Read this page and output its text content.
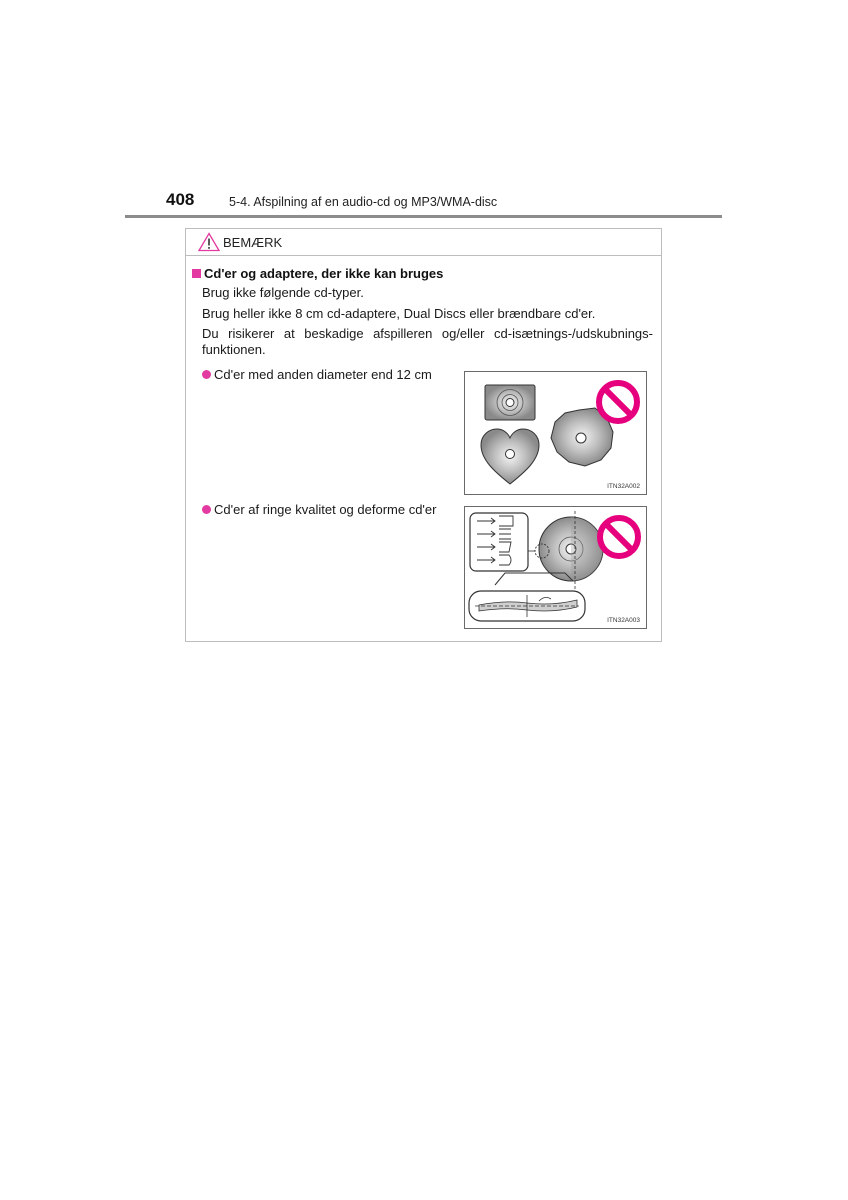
408	5-4. Afspilning af en audio-cd og MP3/WMA-disc
BEMÆRK
Cd'er og adaptere, der ikke kan bruges
Brug ikke følgende cd-typer.
Brug heller ikke 8 cm cd-adaptere, Dual Discs eller brændbare cd'er.
Du risikerer at beskadige afspilleren og/eller cd-isætnings-/udskubnings-funktionen.
Cd'er med anden diameter end 12 cm
ITN32A002
Cd'er af ringe kvalitet og deforme cd'er
ITN32A003
